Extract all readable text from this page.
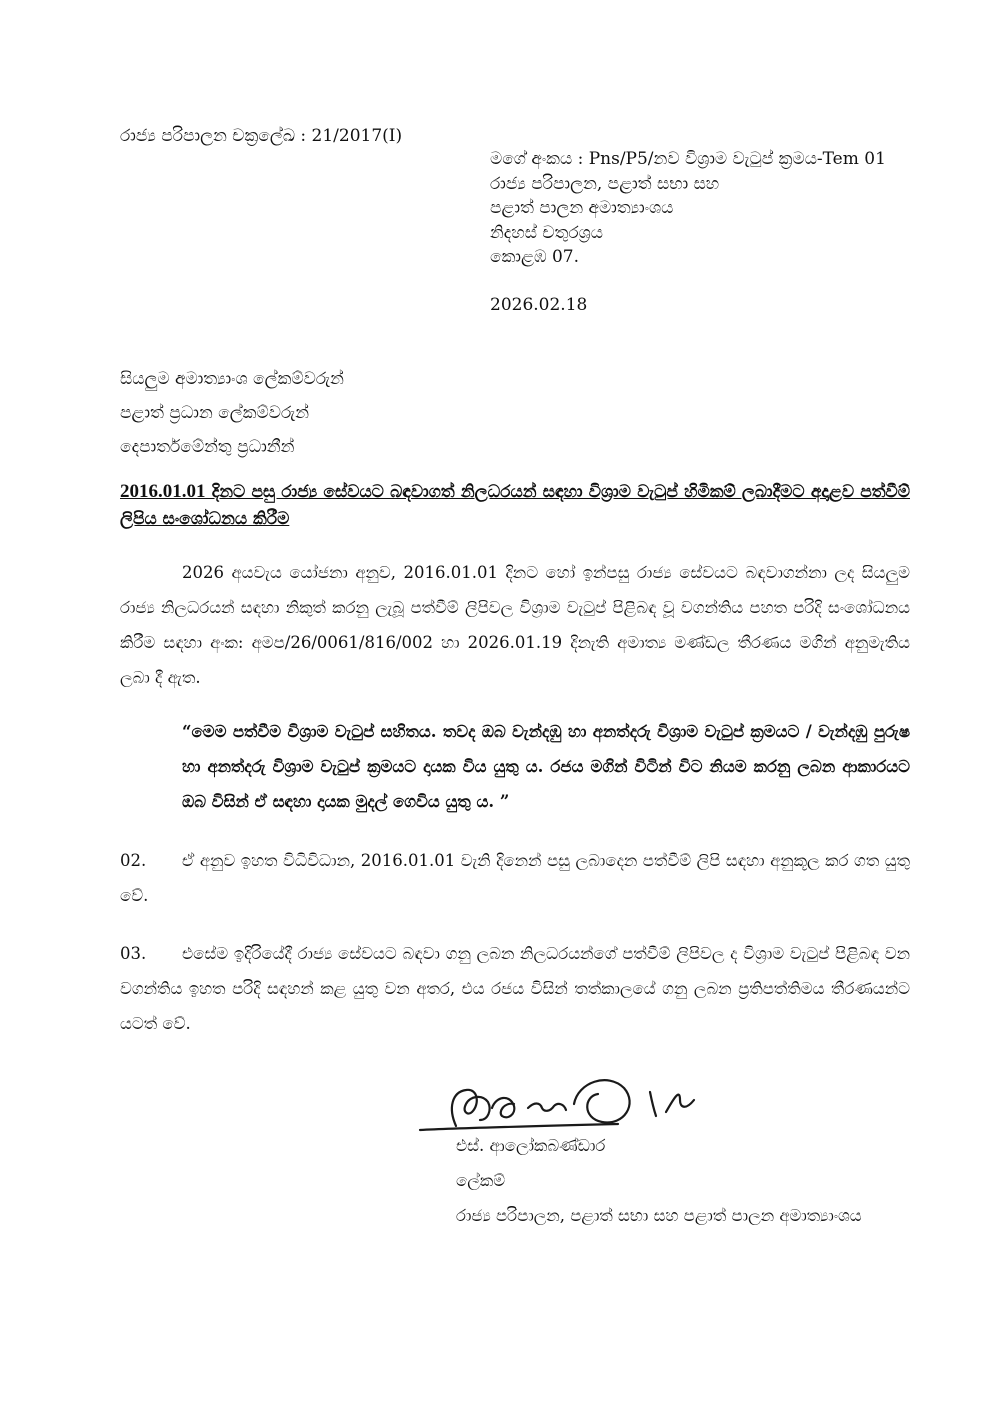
රාජ්‍ය පරිපාලන චක්‍රලේඛ : 21/2017(I)
මගේ අංකය : Pns/P5/නව විශ්‍රාම වැටුප් ක්‍රමය-Tem 01
රාජ්‍ය පරිපාලන, පළාත් සභා සහ
පළාත් පාලන අමාත්‍යාංශය
නිදහස් චතුරශ්‍රය
කොළඹ 07.
2026.02.18
සියලුම අමාත්‍යාංශ ලේකම්වරුන්
පළාත් ප්‍රධාන ලේකම්වරුන්
දෙපාර්තමේන්තු ප්‍රධානීන්
2016.01.01 දිනට පසු රාජ්‍ය සේවයට බඳවාගත් නිලධරයන් සඳහා විශ්‍රාම වැටුප් හිමිකම් ලබාදීමට අදාළව පත්වීම් ලිපිය සංශෝධනය කිරීම
2026 අයවැය යෝජනා අනුව, 2016.01.01 දිනට හෝ ඉන්පසු රාජ්‍ය සේවයට බඳවාගන්නා ලද සියලුම රාජ්‍ය නිලධරයන් සඳහා නිකුත් කරනු ලැබූ පත්වීම් ලිපිවල විශ්‍රාම වැටුප් පිළිබඳ වූ වගන්තිය පහත පරිදි සංශෝධනය කිරීම සඳහා අංක: අමප/26/0061/816/002 හා 2026.01.19 දිනැති අමාත්‍ය මණ්ඩල තීරණය මගින් අනුමැතිය ලබා දී ඇත.
“මෙම පත්වීම විශ්‍රාම වැටුප් සහිතය. තවද ඔබ වැන්දඹු හා අනත්දරු විශ්‍රාම වැටුප් ක්‍රමයට / වැන්දඹු පුරුෂ හා අනත්දරු විශ්‍රාම වැටුප් ක්‍රමයට දායක විය යුතු ය. රජය මගින් විටින් විට නියම කරනු ලබන ආකාරයට ඔබ විසින් ඒ සඳහා දායක මුදල් ගෙවිය යුතු ය. ”
02. ඒ අනුව ඉහත විධිවිධාන, 2016.01.01 වැනි දිනෙන් පසු ලබාදෙන පත්වීම් ලිපි සඳහා අනුකූල කර ගත යුතු වේ.
03. එසේම ඉදිරියේදී රාජ්‍ය සේවයට බඳවා ගනු ලබන නිලධරයන්ගේ පත්වීම් ලිපිවල ද විශ්‍රාම වැටුප් පිළිබඳ වන වගන්තිය ඉහත පරිදි සඳහන් කළ යුතු වන අතර, එය රජය විසින් තත්කාලයේ ගනු ලබන ප්‍රතිපත්තිමය තීරණයන්ට යටත් වේ.
එස්. ආලෝකබණ්ඩාර
ලේකම්
රාජ්‍ය පරිපාලන, පළාත් සභා සහ පළාත් පාලන අමාත්‍යාංශය
